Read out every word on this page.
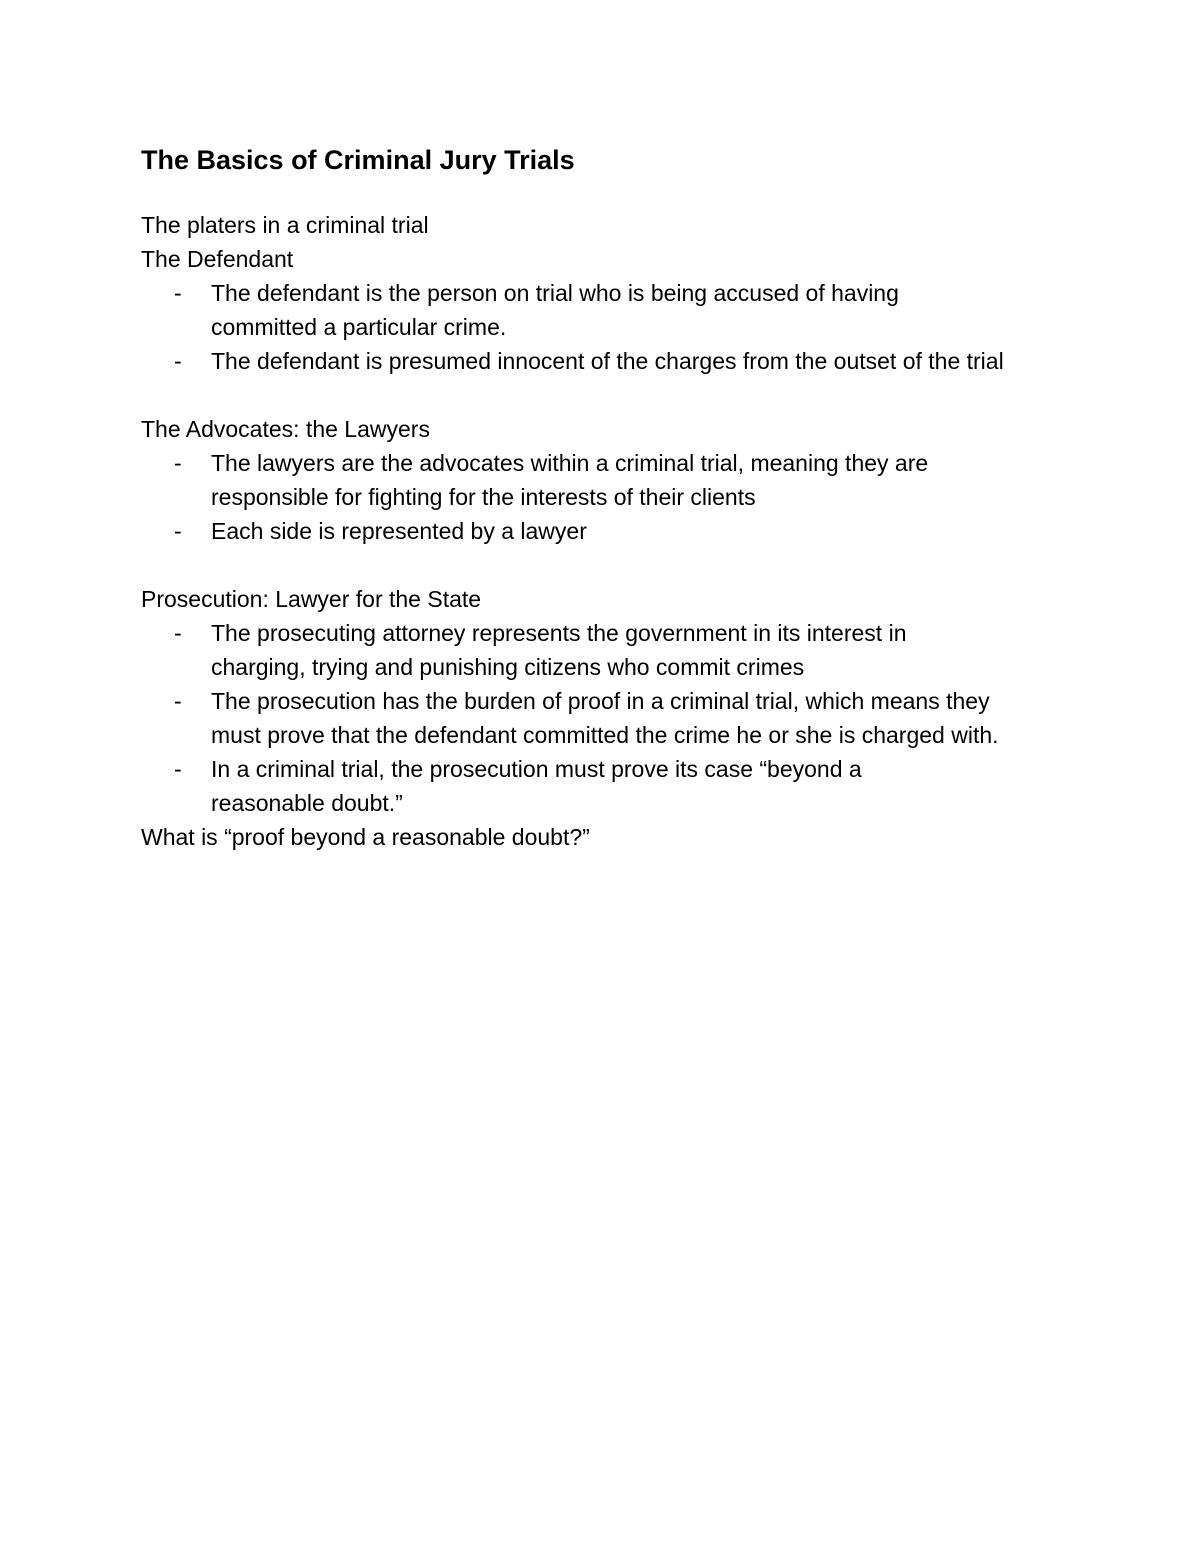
The Basics of Criminal Jury Trials

The platers in a criminal trial

The Defendant

- The defendant is the person on trial who is being accused of having committed a particular crime.
- The defendant is presumed innocent of the charges from the outset of the trial

The Advocates: the Lawyers

- The lawyers are the advocates within a criminal trial, meaning they are responsible for fighting for the interests of their clients
- Each side is represented by a lawyer

Prosecution: Lawyer for the State

- The prosecuting attorney represents the government in its interest in charging, trying and punishing citizens who commit crimes
- The prosecution has the burden of proof in a criminal trial, which means they must prove that the defendant committed the crime he or she is charged with.
- In a criminal trial, the prosecution must prove its case “beyond a reasonable doubt.”

What is “proof beyond a reasonable doubt?”
